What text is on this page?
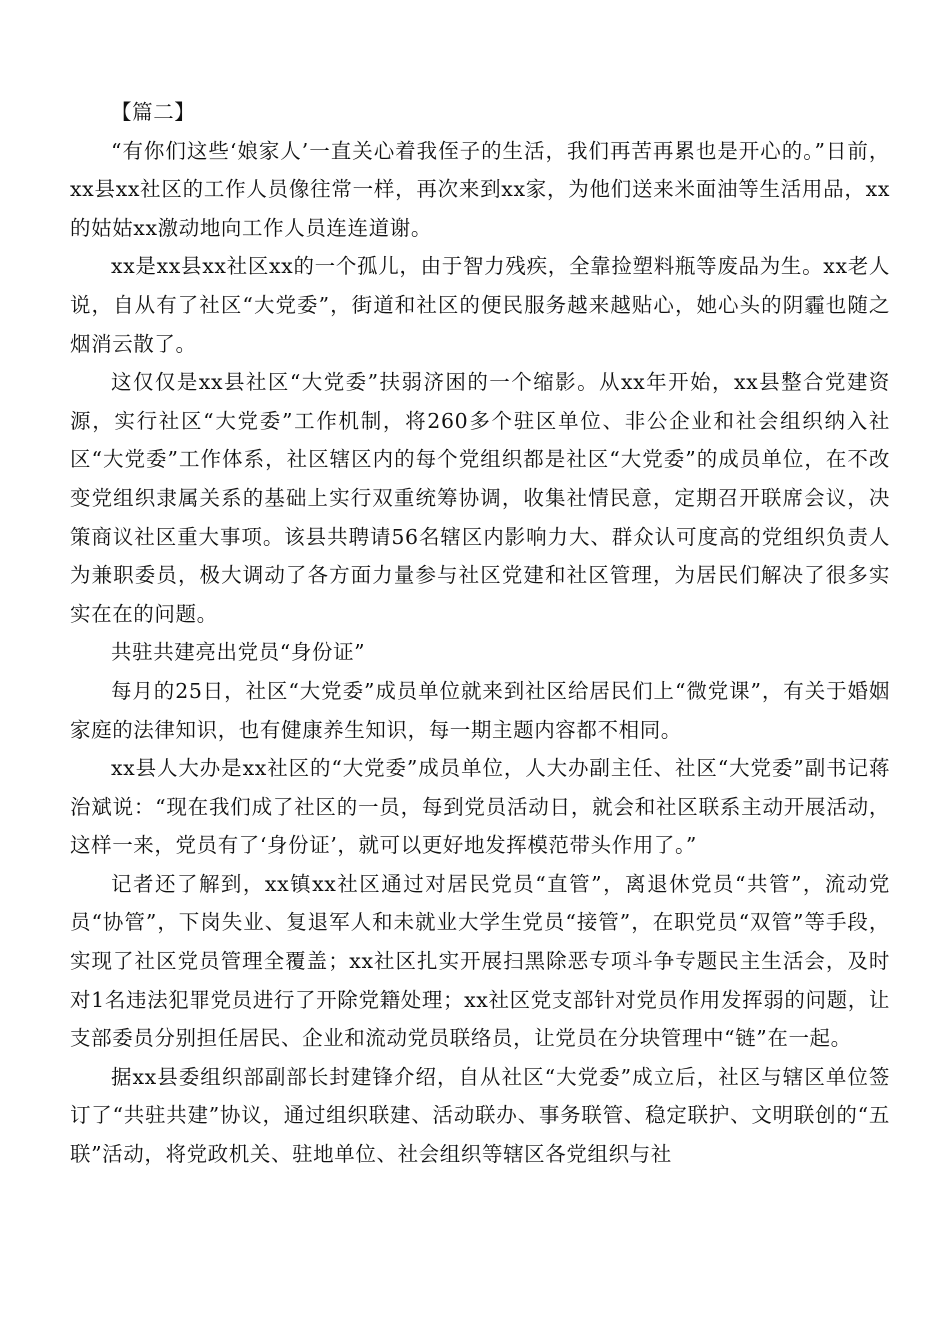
【篇二】

“有你们这些‘娘家人’一直关心着我侄子的生活，我们再苦再累也是开心的。”日前，xx县xx社区的工作人员像往常一样，再次来到xx家，为他们送来米面油等生活用品，xx的姑姑xx激动地向工作人员连连道谢。

xx是xx县xx社区xx的一个孤儿，由于智力残疾，全靠捡塑料瓶等废品为生。xx老人说，自从有了社区“大党委”，街道和社区的便民服务越来越贴心，她心头的阴霾也随之烟消云散了。

这仅仅是xx县社区“大党委”扶弱济困的一个缩影。从xx年开始，xx县整合党建资源，实行社区“大党委”工作机制，将260多个驻区单位、非公企业和社会组织纳入社区“大党委”工作体系，社区辖区内的每个党组织都是社区“大党委”的成员单位，在不改变党组织隶属关系的基础上实行双重统筹协调，收集社情民意，定期召开联席会议，决策商议社区重大事项。该县共聘请56名辖区内影响力大、群众认可度高的党组织负责人为兼职委员，极大调动了各方面力量参与社区党建和社区管理，为居民们解决了很多实实在在的问题。

共驻共建亮出党员“身份证”

每月的25日，社区“大党委”成员单位就来到社区给居民们上“微党课”，有关于婚姻家庭的法律知识，也有健康养生知识，每一期主题内容都不相同。

xx县人大办是xx社区的“大党委”成员单位，人大办副主任、社区“大党委”副书记蒋治斌说：“现在我们成了社区的一员，每到党员活动日，就会和社区联系主动开展活动，这样一来，党员有了‘身份证’，就可以更好地发挥模范带头作用了。”

记者还了解到，xx镇xx社区通过对居民党员“直管”，离退休党员“共管”，流动党员“协管”，下岗失业、复退军人和未就业大学生党员“接管”，在职党员“双管”等手段，实现了社区党员管理全覆盖；xx社区扎实开展扫黑除恶专项斗争专题民主生活会，及时对1名违法犯罪党员进行了开除党籍处理；xx社区党支部针对党员作用发挥弱的问题，让支部委员分别担任居民、企业和流动党员联络员，让党员在分块管理中“链”在一起。

据xx县委组织部副部长封建锋介绍，自从社区“大党委”成立后，社区与辖区单位签订了“共驻共建”协议，通过组织联建、活动联办、事务联管、稳定联护、文明联创的“五联”活动，将党政机关、驻地单位、社会组织等辖区各党组织与社
